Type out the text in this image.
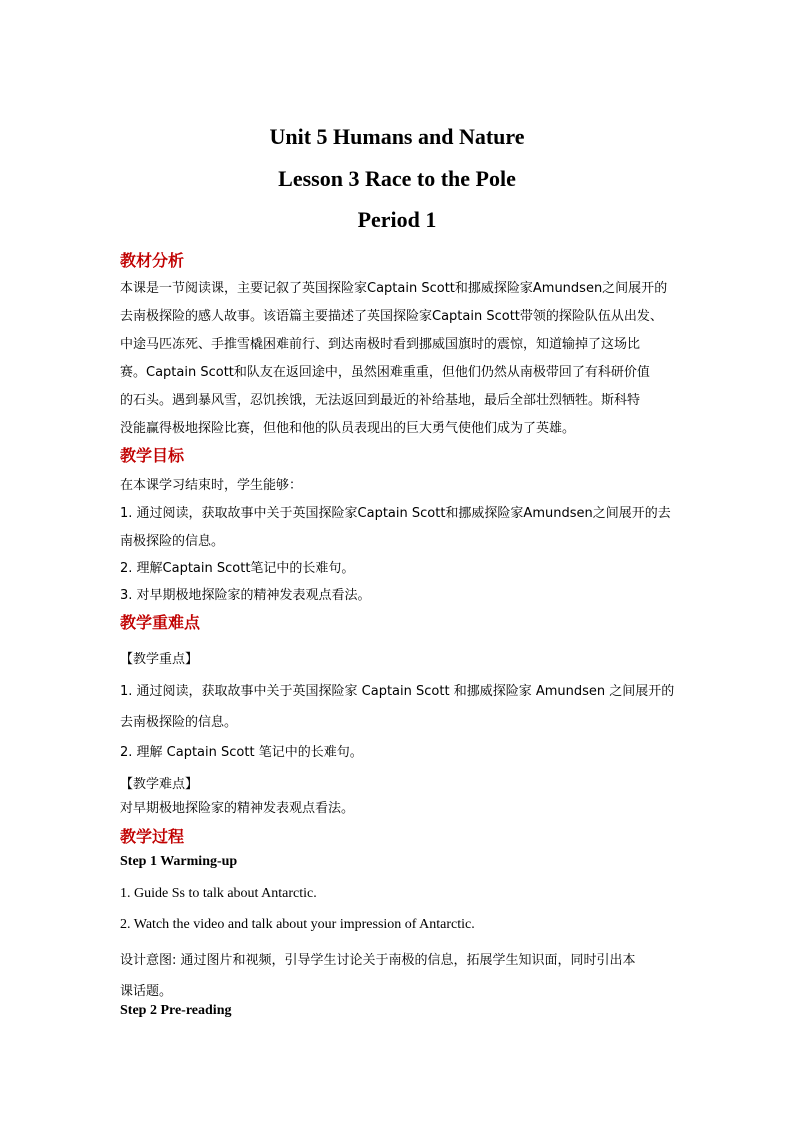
Unit 5 Humans and Nature
Lesson 3 Race to the Pole
Period 1
教材分析
本课是一节阅读课，主要记叙了英国探险家Captain Scott和挪威探险家Amundsen之间展开的
去南极探险的感人故事。该语篇主要描述了英国探险家Captain Scott带领的探险队伍从出发、
中途马匹冻死、手推雪橇困难前行、到达南极时看到挪威国旗时的震惊，知道输掉了这场比
赛。Captain Scott和队友在返回途中，虽然困难重重，但他们仍然从南极带回了有科研价值
的石头。遇到暴风雪，忍饥挨饿，无法返回到最近的补给基地，最后全部壮烈牺牲。斯科特
没能赢得极地探险比赛，但他和他的队员表现出的巨大勇气使他们成为了英雄。
教学目标
在本课学习结束时，学生能够：
1. 通过阅读，获取故事中关于英国探险家Captain Scott和挪威探险家Amundsen之间展开的去
南极探险的信息。
2. 理解Captain Scott笔记中的长难句。
3. 对早期极地探险家的精神发表观点看法。
教学重难点
【教学重点】
1. 通过阅读，获取故事中关于英国探险家 Captain Scott 和挪威探险家 Amundsen 之间展开的
去南极探险的信息。
2. 理解 Captain Scott 笔记中的长难句。
【教学难点】
对早期极地探险家的精神发表观点看法。
教学过程
Step 1 Warming-up
1. Guide Ss to talk about Antarctic.
2. Watch the video and talk about your impression of Antarctic.
设计意图: 通过图片和视频，引导学生讨论关于南极的信息，拓展学生知识面，同时引出本
课话题。
Step 2 Pre-reading
